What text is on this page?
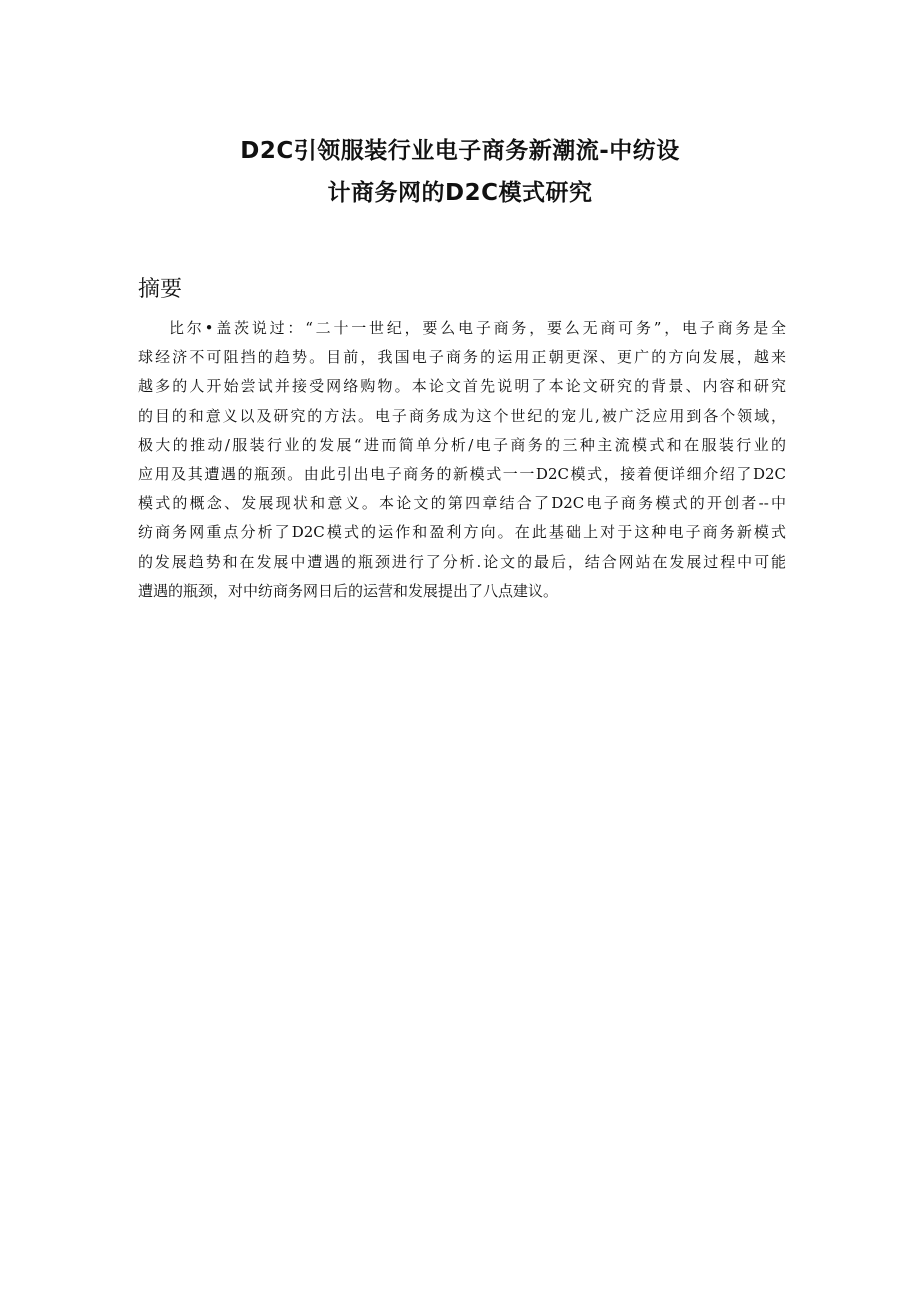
D2C引领服装行业电子商务新潮流-中纺设
计商务网的D2C模式研究
摘要
比尔•盖茨说过：“二十一世纪，要么电子商务，要么无商可务”，电子商务是全
球经济不可阻挡的趋势。目前，我国电子商务的运用正朝更深、更广的方向发展，越来
越多的人开始尝试并接受网络购物。本论文首先说明了本论文研究的背景、内容和研究
的目的和意义以及研究的方法。电子商务成为这个世纪的宠儿,被广泛应用到各个领域，
极大的推动/服装行业的发展“进而简单分析/电子商务的三种主流模式和在服装行业的
应用及其遭遇的瓶颈。由此引出电子商务的新模式一一D2C模式，接着便详细介绍了D2C
模式的概念、发展现状和意义。本论文的第四章结合了D2C电子商务模式的开创者--中
纺商务网重点分析了D2C模式的运作和盈利方向。在此基础上对于这种电子商务新模式
的发展趋势和在发展中遭遇的瓶颈进行了分析.论文的最后，结合网站在发展过程中可能
遭遇的瓶颈，对中纺商务网日后的运营和发展提出了八点建议。
